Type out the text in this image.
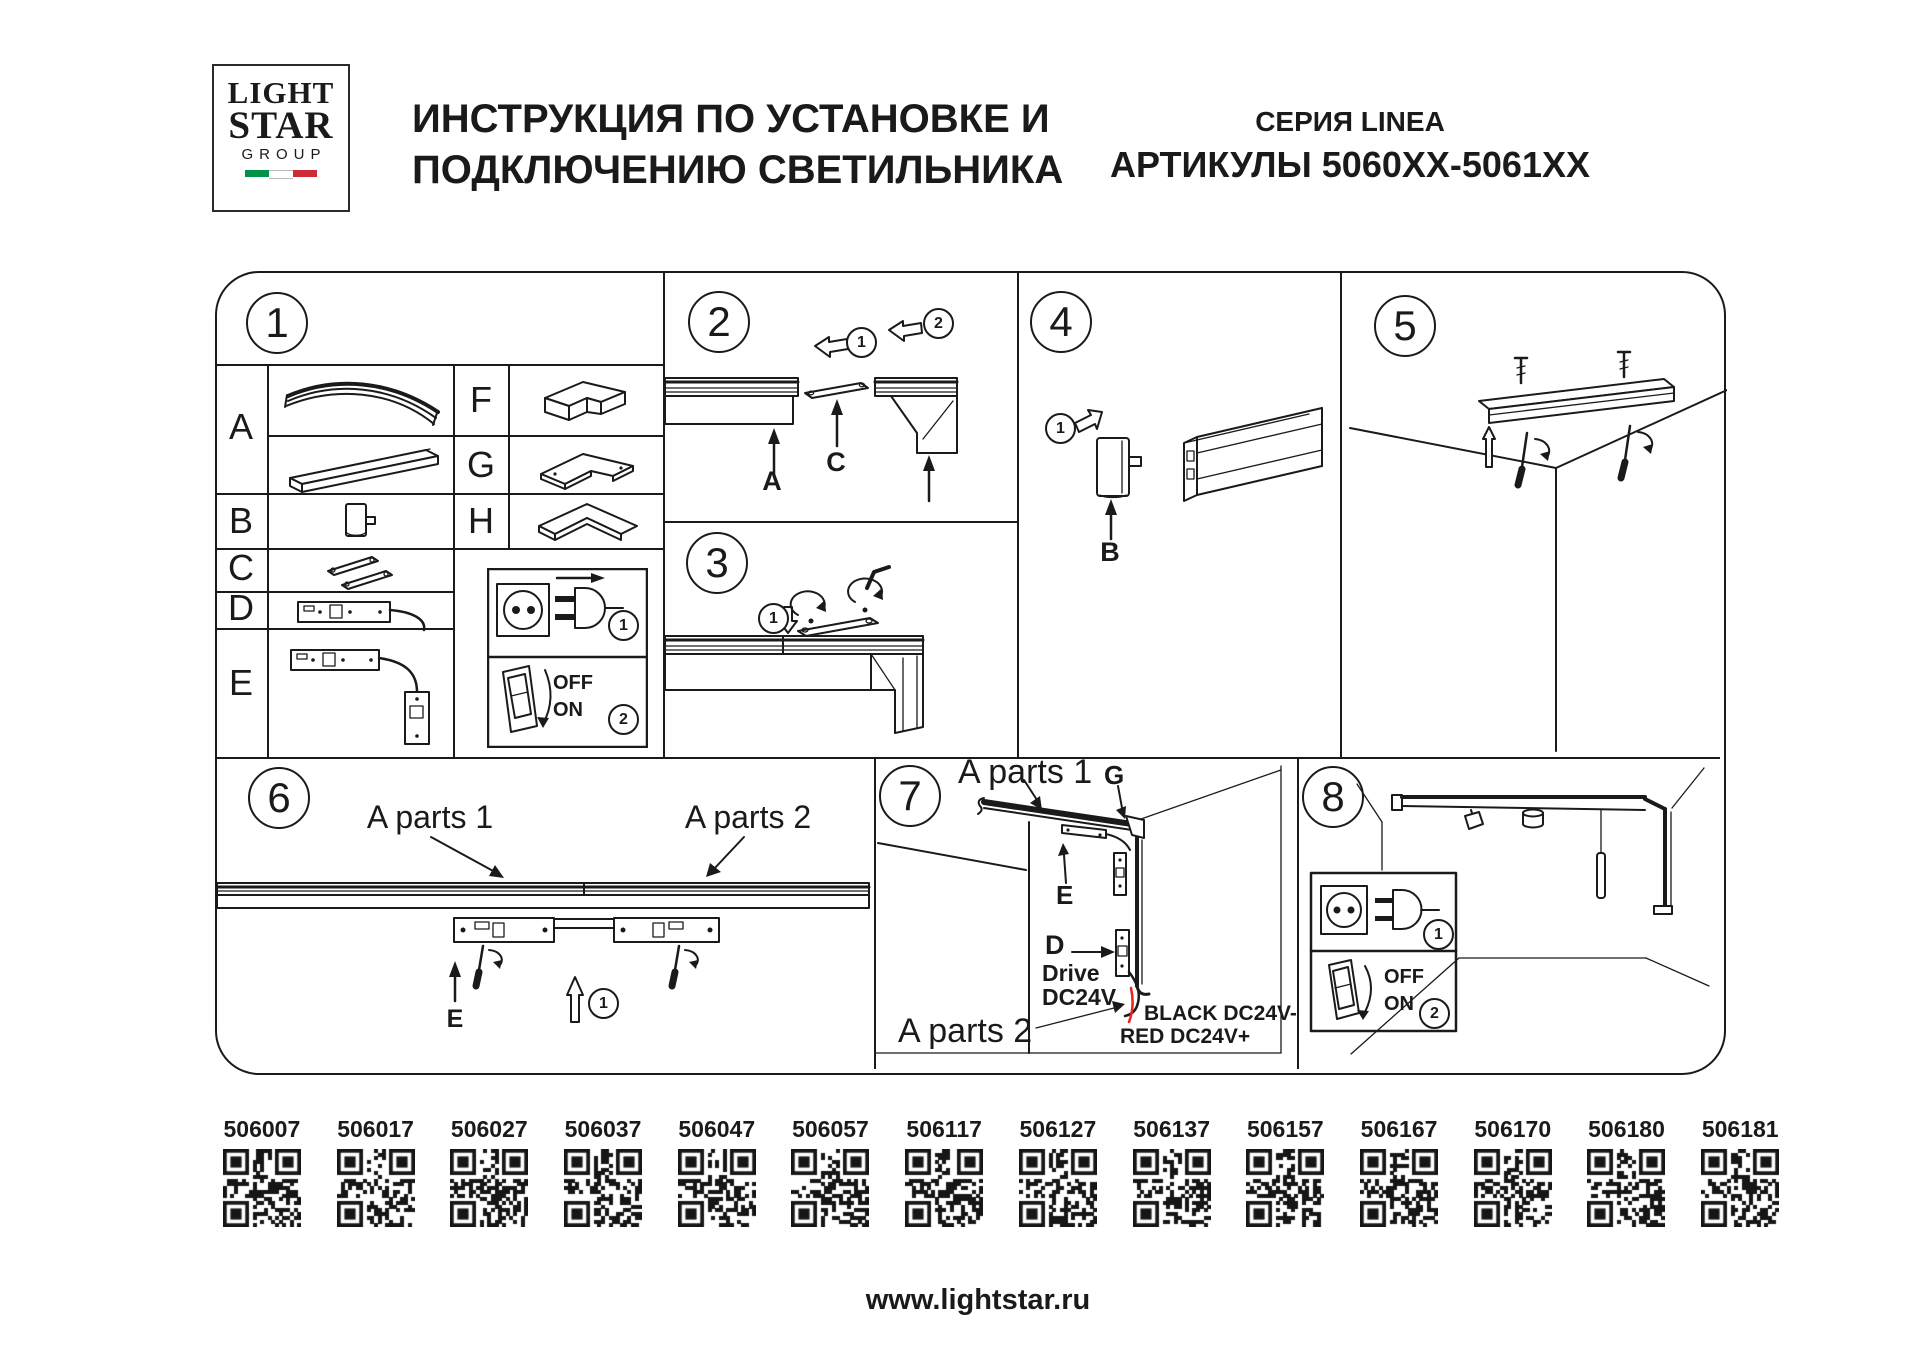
LIGHT
STAR
GROUP
ИНСТРУКЦИЯ ПО УСТАНОВКЕ И
ПОДКЛЮЧЕНИЮ СВЕТИЛЬНИКА
СЕРИЯ LINEA
АРТИКУЛЫ 5060XX-5061XX
1	2
3
4	5
6	7	8
A
B
C
D
E
F
G
H
1
OFF
ON	2
1
2
A
C
1
1
B
A parts 1	A parts 2
E
1
A parts 1 G
E
D
Drive
DC24V
A parts 2	BLACK DC24V-
RED DC24V+
1
OFF
ON	2
506007 506017 506027 506037 506047 506057 506117 506127 506137 506157 506167 506170 506180 506181
www.lightstar.ru
